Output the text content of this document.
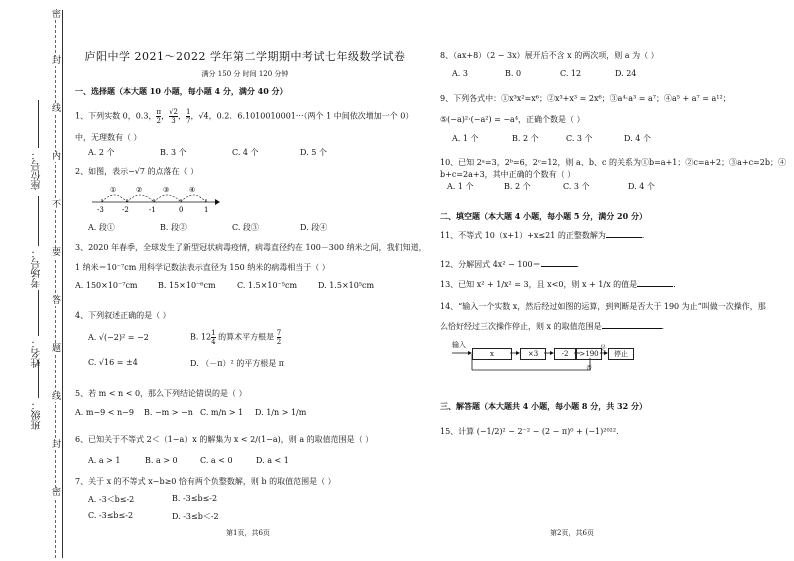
密
封
线
内
不
要
答
题
线
封
密
座位号：
考场号：
姓名：
班级：
庐阳中学 2021～2022 学年第二学期期中考试七年级数学试卷
满分 150 分 时间 120 分钟
一、选择题（本大题 10 小题，每小题 4 分，满分 40 分）
1、下列实数 0，0.3， $\frac{\pi}{2}$ ， $\frac{√2}{3}$ ， $\frac{1}{7}$ ，√4，0.2．6.1010010001···（两个 1 中间依次增加一个 0）
中，无理数有（ ）
A. 2 个	B. 3 个	C. 4 个	D. 5 个
2、如图，表示−√7 的点落在（ ）
①	②	③	④
-3	-2	-1	0	1
A. 段①	B. 段②	C. 段③	D. 段④
3、2020 年春季，全球发生了新型冠状病毒疫情，病毒直径约在 100－300 纳米之间，我们知道，
1 纳米＝10⁻⁷cm 用科学记数法表示直径为 150 纳米的病毒相当于（ ）
A. 150×10⁻⁷cm	B. 15×10⁻⁶cm	C. 1.5×10⁻⁵cm	D. 1.5×10⁵cm
4、下列叙述正确的是（ ）
A. √(−2)² = −2	B. $12 \frac{1}{4}$ 的算术平方根是 $\frac{7}{2}$
C. √16 = ±4	D. （－π）² 的平方根是 π
5、若 m < n < 0，那么下列结论错误的是（ ）
A. m−9 < n−9 B. −m > −n C. m/n > 1 D. 1/n > 1/m
6、已知关于不等式 2＜（1−a）x 的解集为 x < 2/(1−a)，则 a 的取值范围是（ ）
A. a > 1	B. a > 0	C. a < 0	D. a < 1
7、关于 x 的不等式 x−b≥0 恰有两个负整数解，则 b 的取值范围是（ ）
A. -3＜b≤-2	B. -3≤b≤-2
C. -3≤b≤-2	D. -3≤b＜-2
第1页，共6页
8、（ax+8）（2 − 3x）展开后不含 x 的两次项，则 a 为（ ）
A. 3	B. 0	C. 12	D. 24
9、下列各式中：①x³x²=x⁶；②x³+x³ = 2x⁶；③a⁴·a³ = a⁷；④a⁵ + a⁷ = a¹²；
⑤(−a)²·(−a²) = −a⁴，正确个数是（ ）
A. 1 个	B. 2 个	C. 3 个	D. 4 个
10、已知 2ᵃ=3，2ᵇ=6，2ᶜ=12，则 a、b、c 的关系为①b=a+1；②c=a+2；③a+c=2b；④
b+c=2a+3，其中正确的个数有（ ）
A. 1 个	B. 2 个	C. 3 个	D. 4 个
二、填空题（本大题 4 小题，每小题 5 分，满分 20 分）
11、不等式 10（x+1）+x≤21 的正整数解为	．
12、分解因式 4x² − 100＝	．
13、已知 x² + 1/x² = 3，且 x<0，则 x + 1/x 的值是	．
14、“输入一个实数 x，然后经过如图的运算，到判断是否大于 190 为止”叫做一次操作，那
么恰好经过三次操作停止，则 x 的取值范围是	．
输入
x	×3	-2	>190
是
停止
否
三、解答题（本大题共 4 小题，每小题 8 分，共 32 分）
15、计算 (−1/2)² − 2⁻² − (2 − π)⁰ + (−1)²⁰²²．
第2页，共6页
